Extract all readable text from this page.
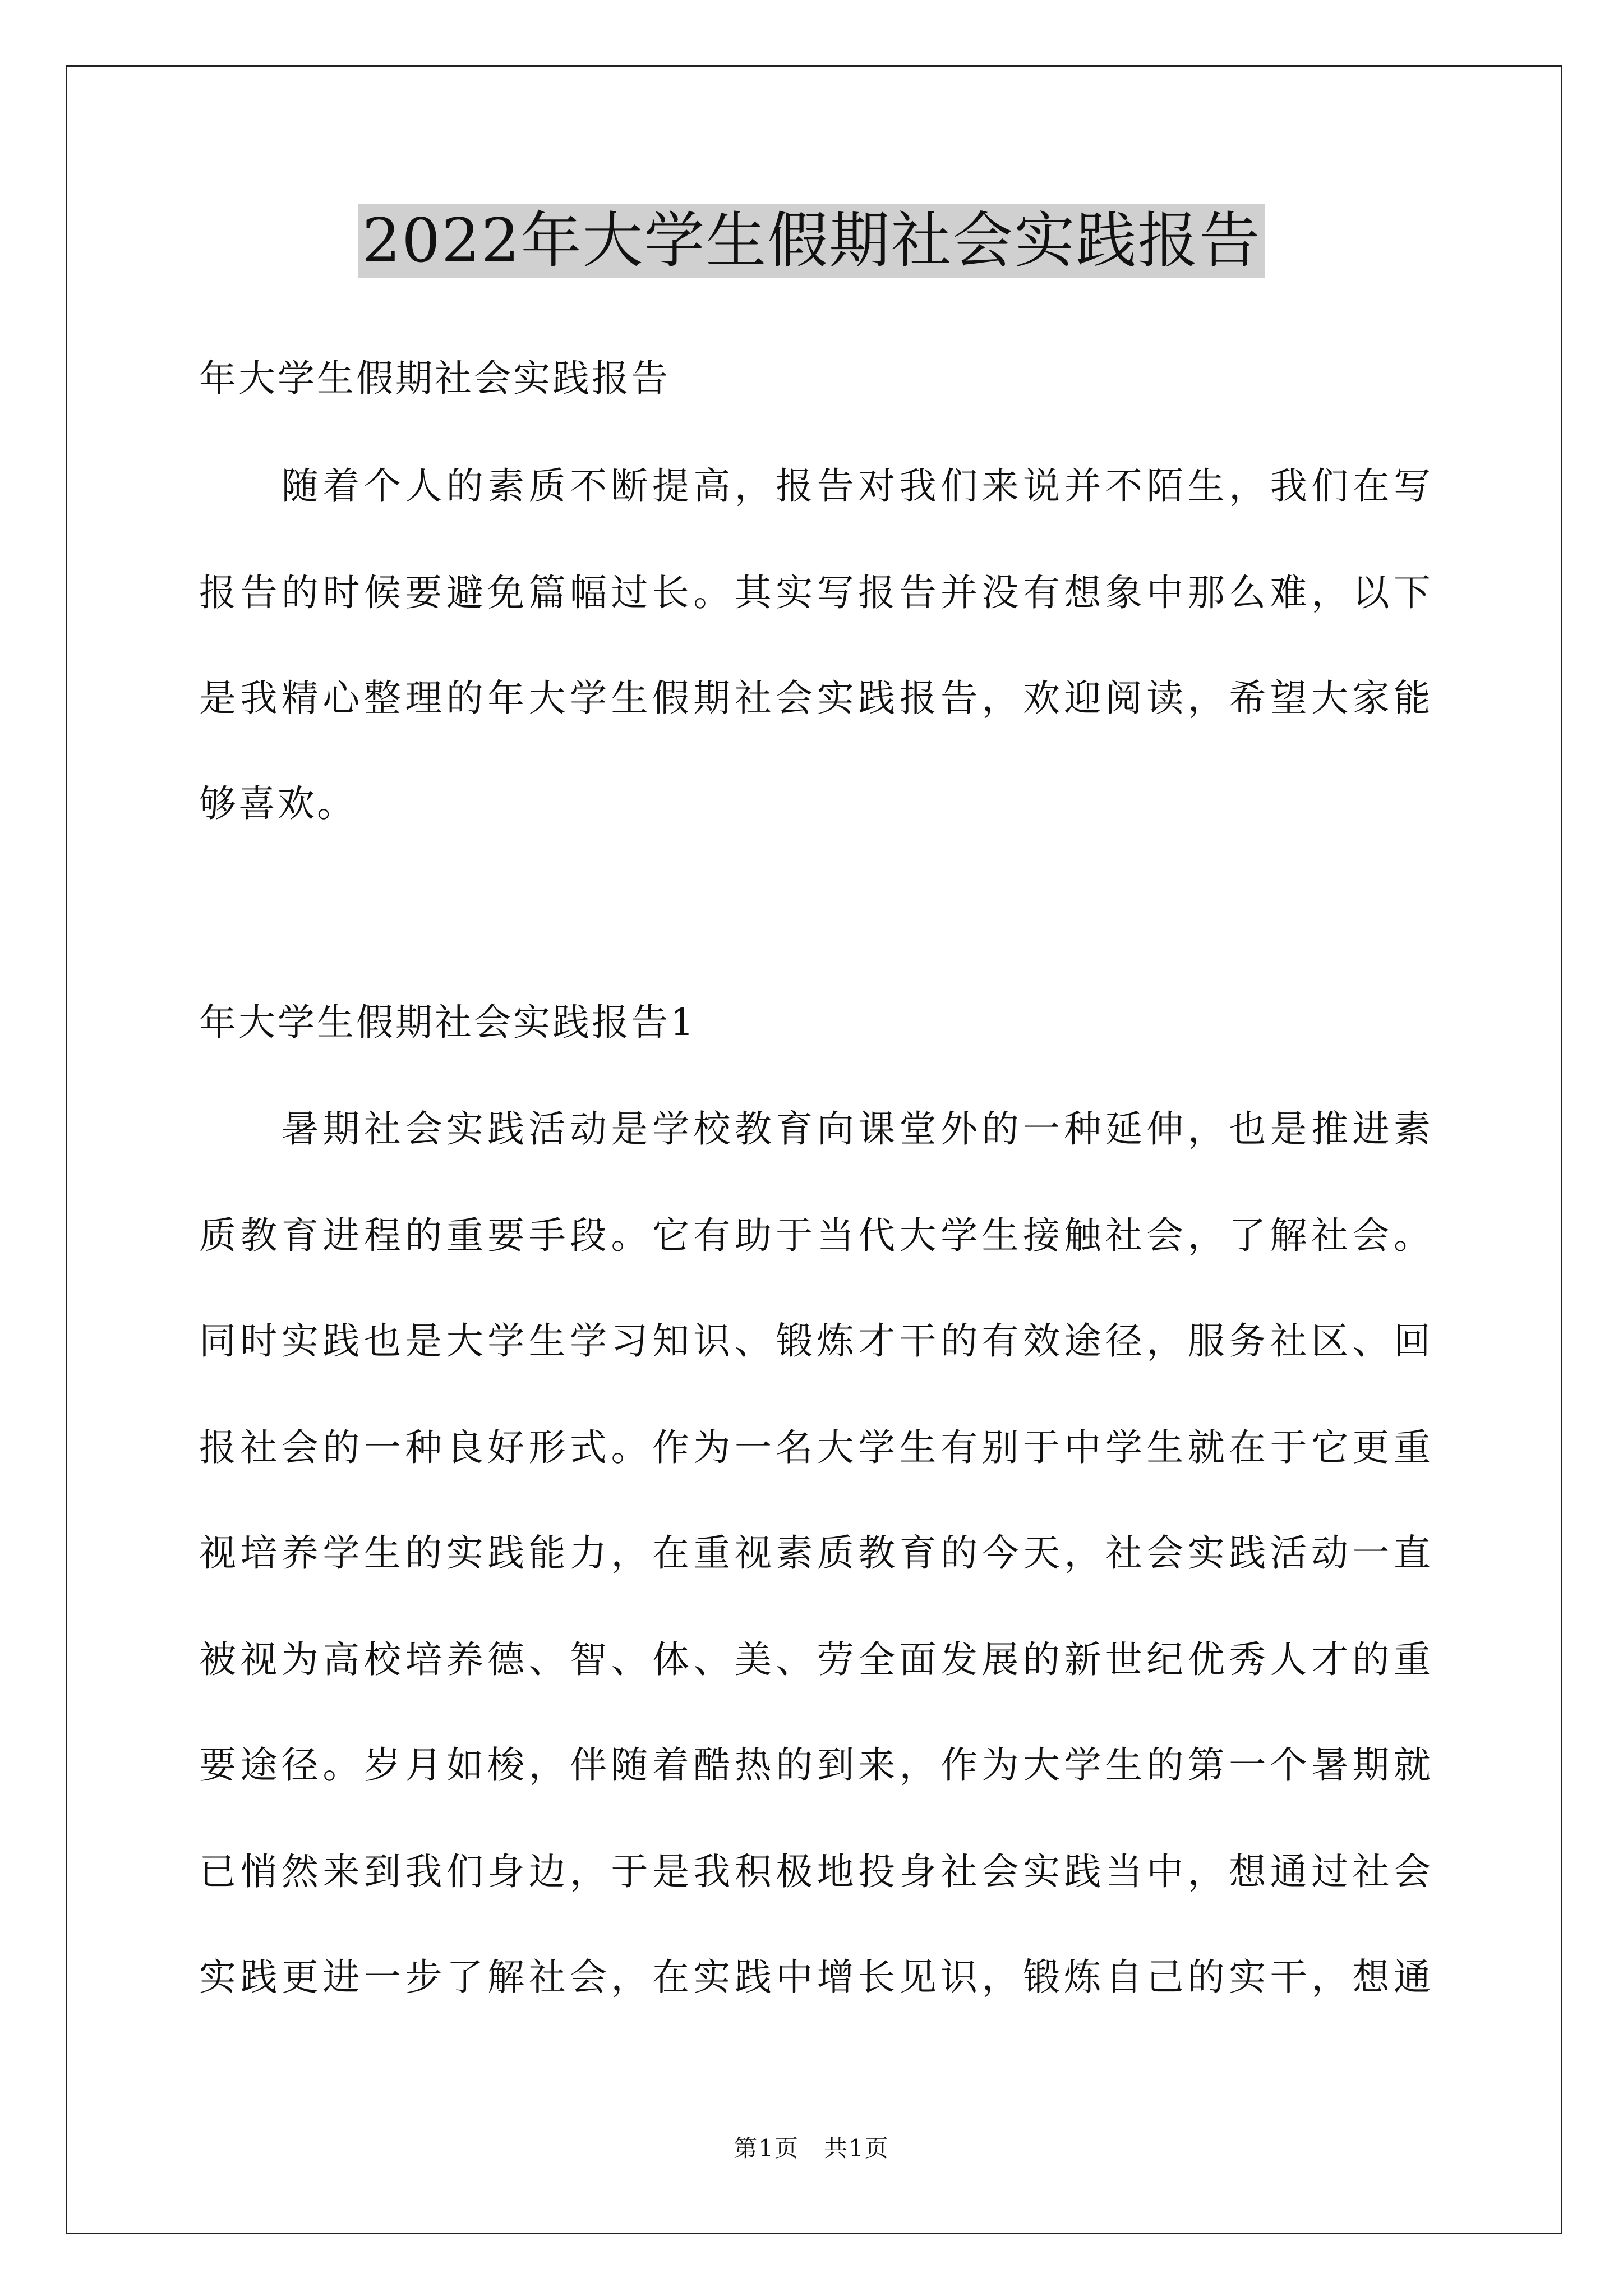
2022年大学生假期社会实践报告
年大学生假期社会实践报告
　　随着个人的素质不断提高，报告对我们来说并不陌生，我们在写
报告的时候要避免篇幅过长。其实写报告并没有想象中那么难，以下
是我精心整理的年大学生假期社会实践报告，欢迎阅读，希望大家能
够喜欢。
年大学生假期社会实践报告1
　　暑期社会实践活动是学校教育向课堂外的一种延伸，也是推进素
质教育进程的重要手段。它有助于当代大学生接触社会，了解社会。
同时实践也是大学生学习知识、锻炼才干的有效途径，服务社区、回
报社会的一种良好形式。作为一名大学生有别于中学生就在于它更重
视培养学生的实践能力，在重视素质教育的今天，社会实践活动一直
被视为高校培养德、智、体、美、劳全面发展的新世纪优秀人才的重
要途径。岁月如梭，伴随着酷热的到来，作为大学生的第一个暑期就
已悄然来到我们身边，于是我积极地投身社会实践当中，想通过社会
实践更进一步了解社会，在实践中增长见识，锻炼自己的实干，想通
第1页　共1页
